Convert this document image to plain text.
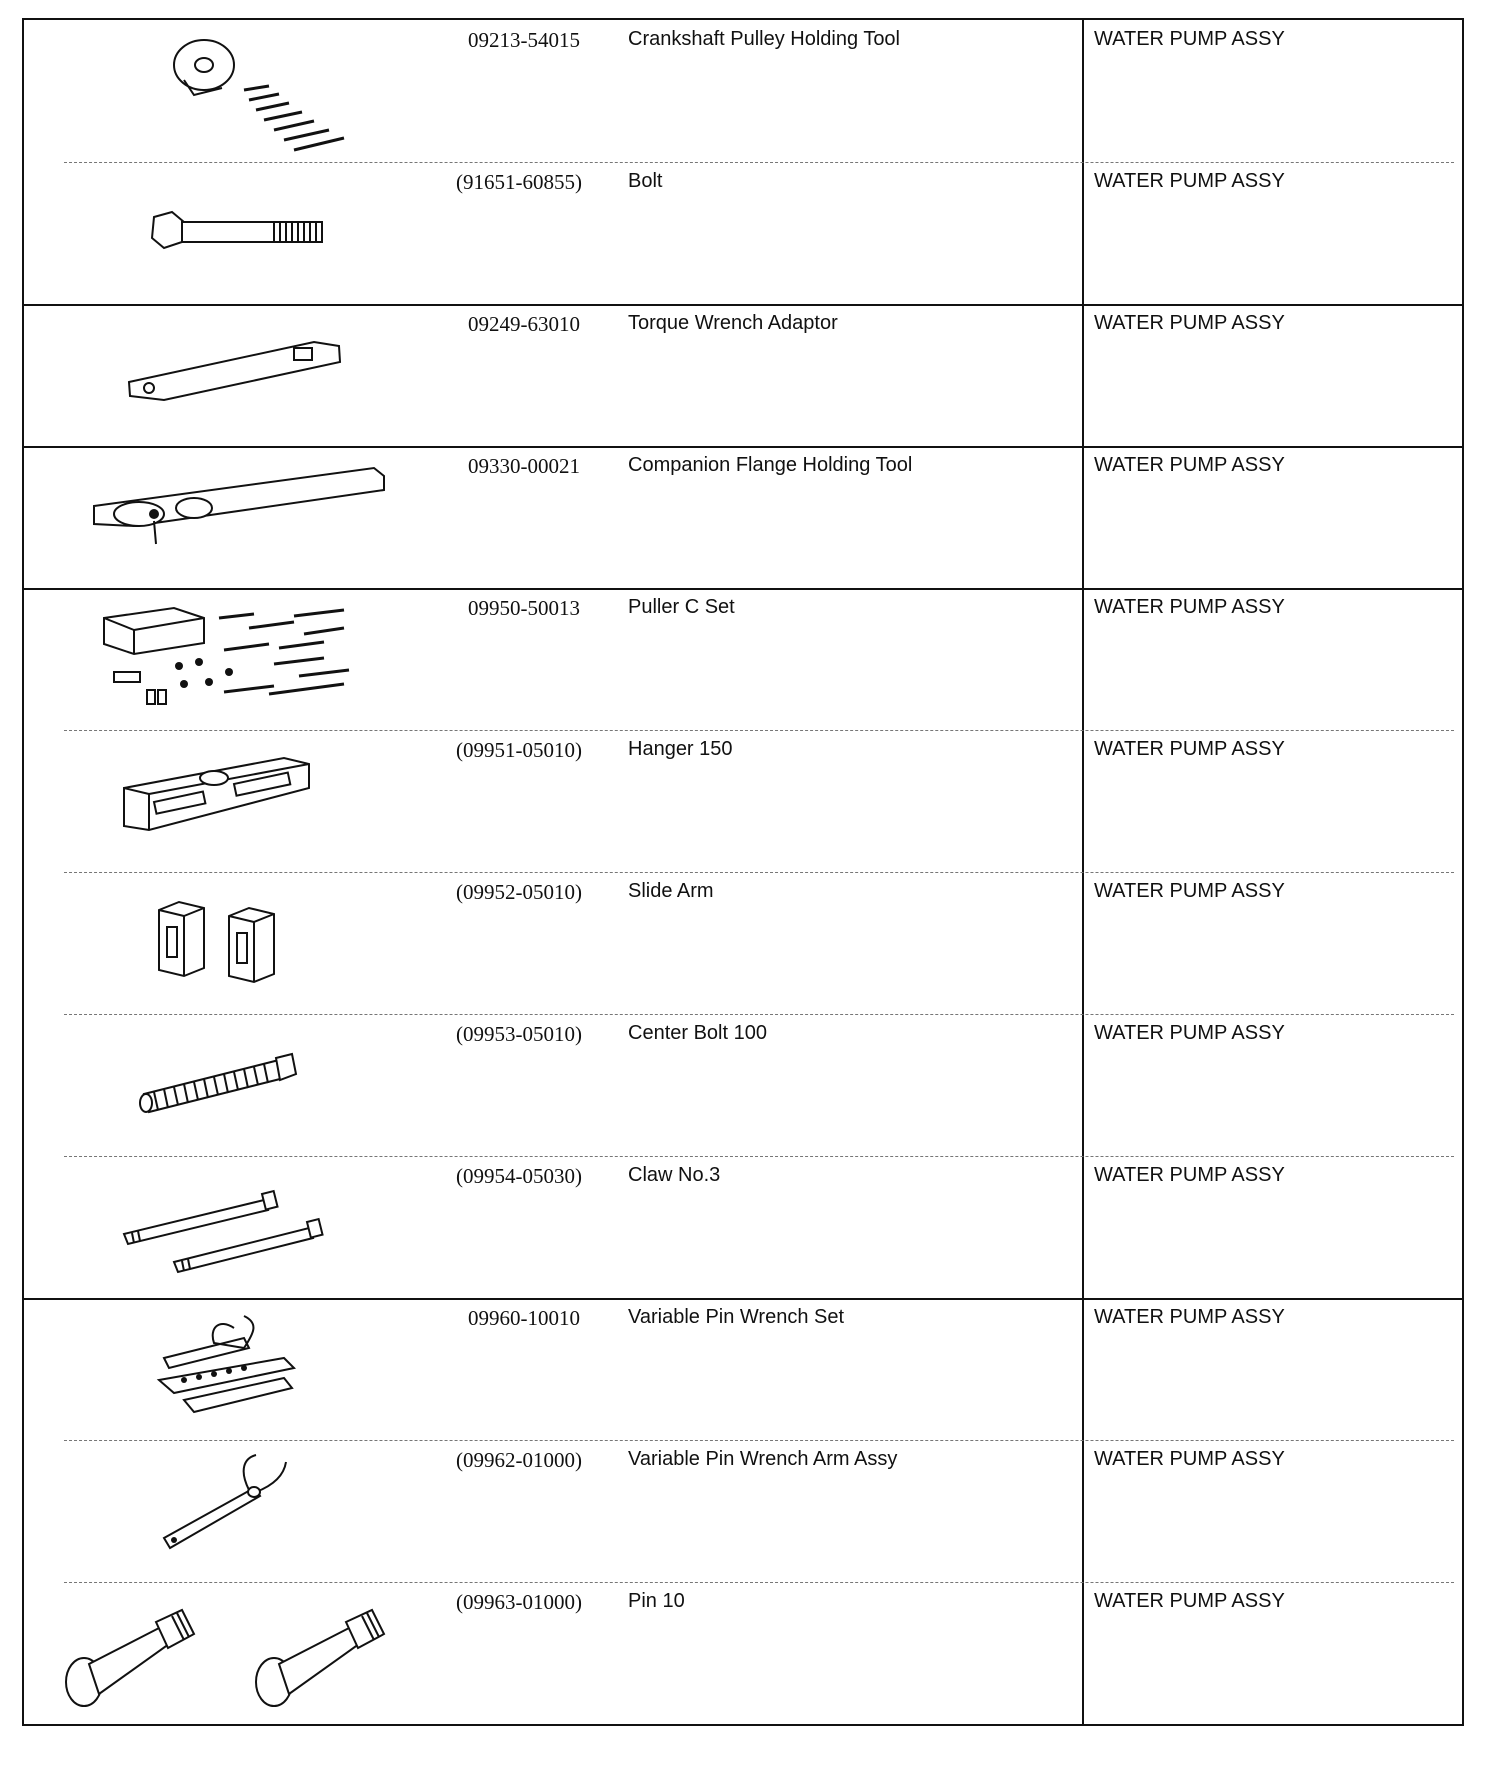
09213-54015	Crankshaft Pulley Holding Tool	WATER PUMP ASSY
(91651-60855)	Bolt	WATER PUMP ASSY
09249-63010	Torque Wrench Adaptor	WATER PUMP ASSY
09330-00021	Companion Flange Holding Tool	WATER PUMP ASSY
09950-50013	Puller C Set	WATER PUMP ASSY
(09951-05010)	Hanger 150	WATER PUMP ASSY
(09952-05010)	Slide Arm	WATER PUMP ASSY
(09953-05010)	Center Bolt 100	WATER PUMP ASSY
(09954-05030)	Claw No.3	WATER PUMP ASSY
09960-10010	Variable Pin Wrench Set	WATER PUMP ASSY
(09962-01000)	Variable Pin Wrench Arm Assy	WATER PUMP ASSY
(09963-01000)	Pin 10	WATER PUMP ASSY
